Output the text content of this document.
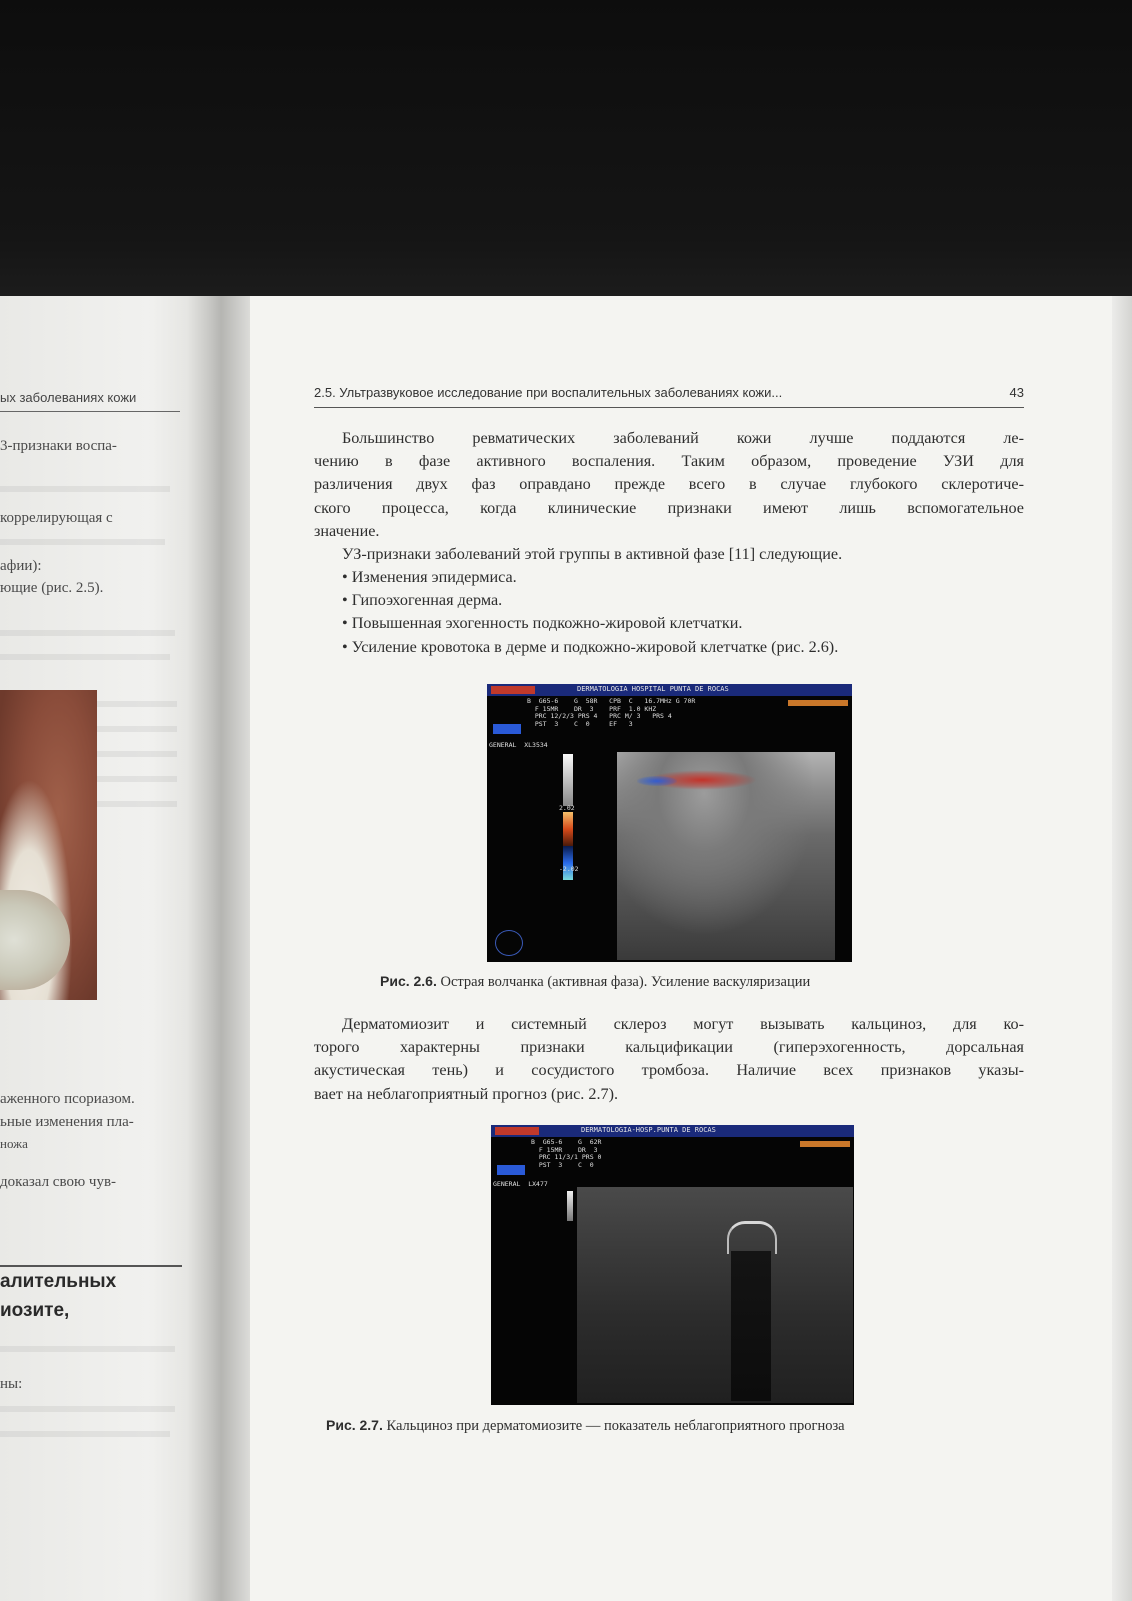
ых заболеваниях кожи
3-признаки воспа-
коррелирующая с
афии):
ющие (рис. 2.5).
аженного псориазом.
ьные изменения пла-
ножа
доказал свою чув-
алительных
иозите,
ны:
2.5. Ультразвуковое исследование при воспалительных заболеваниях кожи...	43
Большинство ревматических заболеваний кожи лучше поддаются ле-
чению в фазе активного воспаления. Таким образом, проведение УЗИ для
различения двух фаз оправдано прежде всего в случае глубокого склеротиче-
ского процесса, когда клинические признаки имеют лишь вспомогательное
значение.
УЗ-признаки заболеваний этой группы в активной фазе [11] следующие.
• Изменения эпидермиса.
• Гипоэхогенная дерма.
• Повышенная эхогенность подкожно-жировой клетчатки.
• Усиление кровотока в дерме и подкожно-жировой клетчатке (рис. 2.6).
DERMATOLOGIA HOSPITAL PUNTA DE ROCAS
B  G65-6    G  58R   CPB  C   16.7MHz G 70R
F 15MR    DR  3    PRF  1.0 KHZ
PRC 12/2/3 PRS 4   PRC M/ 3   PRS 4
PST  3    C  0     EF   3
GENERAL  XL3534
2.02
-2.02
Рис. 2.6. Острая волчанка (активная фаза). Усиление васкуляризации
Дерматомиозит и системный склероз могут вызывать кальциноз, для ко-
торого характерны признаки кальцификации (гиперэхогенность, дорсальная
акустическая тень) и сосудистого тромбоза. Наличие всех признаков указы-
вает на неблагоприятный прогноз (рис. 2.7).
DERMATOLOGIA-HOSP.PUNTA DE ROCAS
B  G65-6    G  62R
F 15MR    DR  3
PRC 11/3/1 PRS 0
PST  3    C  0
GENERAL  LX477
Рис. 2.7. Кальциноз при дерматомиозите — показатель неблагоприятного прогноза
